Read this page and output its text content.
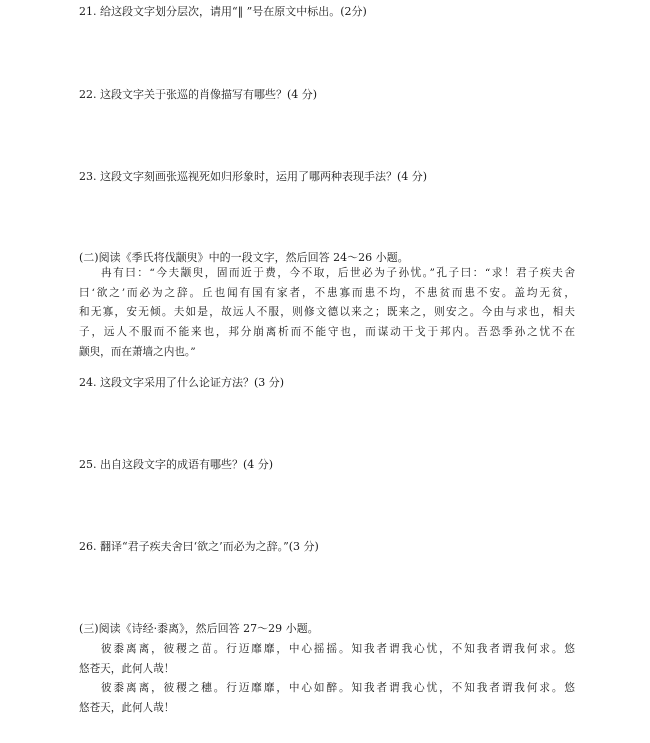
21. 给这段文字划分层次，请用“‖ ”号在原文中标出。(2分)
22. 这段文字关于张巡的肖像描写有哪些？(4 分)
23. 这段文字刻画张巡视死如归形象时，运用了哪两种表现手法？(4 分)
(二)阅读《季氏将伐颛臾》中的一段文字，然后回答 24～26 小题。

冉有曰：“今夫颛臾，固而近于费，今不取，后世必为子孙忧。”孔子曰：“求！君子疾夫舍

曰‘欲之’而必为之辞。丘也闻有国有家者，不患寡而患不均，不患贫而患不安。盖均无贫，

和无寡，安无倾。夫如是，故远人不服，则修文德以来之；既来之，则安之。今由与求也，相夫

子，远人不服而不能来也，邦分崩离析而不能守也，而谋动干戈于邦内。吾恐季孙之忧不在

颛臾，而在萧墙之内也。”

24. 这段文字采用了什么论证方法？(3 分)
25. 出自这段文字的成语有哪些？(4 分)
26. 翻译“君子疾夫舍曰‘欲之’而必为之辞。”(3 分)
(三)阅读《诗经·黍离》，然后回答 27～29 小题。

彼黍离离，彼稷之苗。行迈靡靡，中心摇摇。知我者谓我心忧，不知我者谓我何求。悠

悠苍天，此何人哉！

彼黍离离，彼稷之穗。行迈靡靡，中心如醉。知我者谓我心忧，不知我者谓我何求。悠

悠苍天，此何人哉！
